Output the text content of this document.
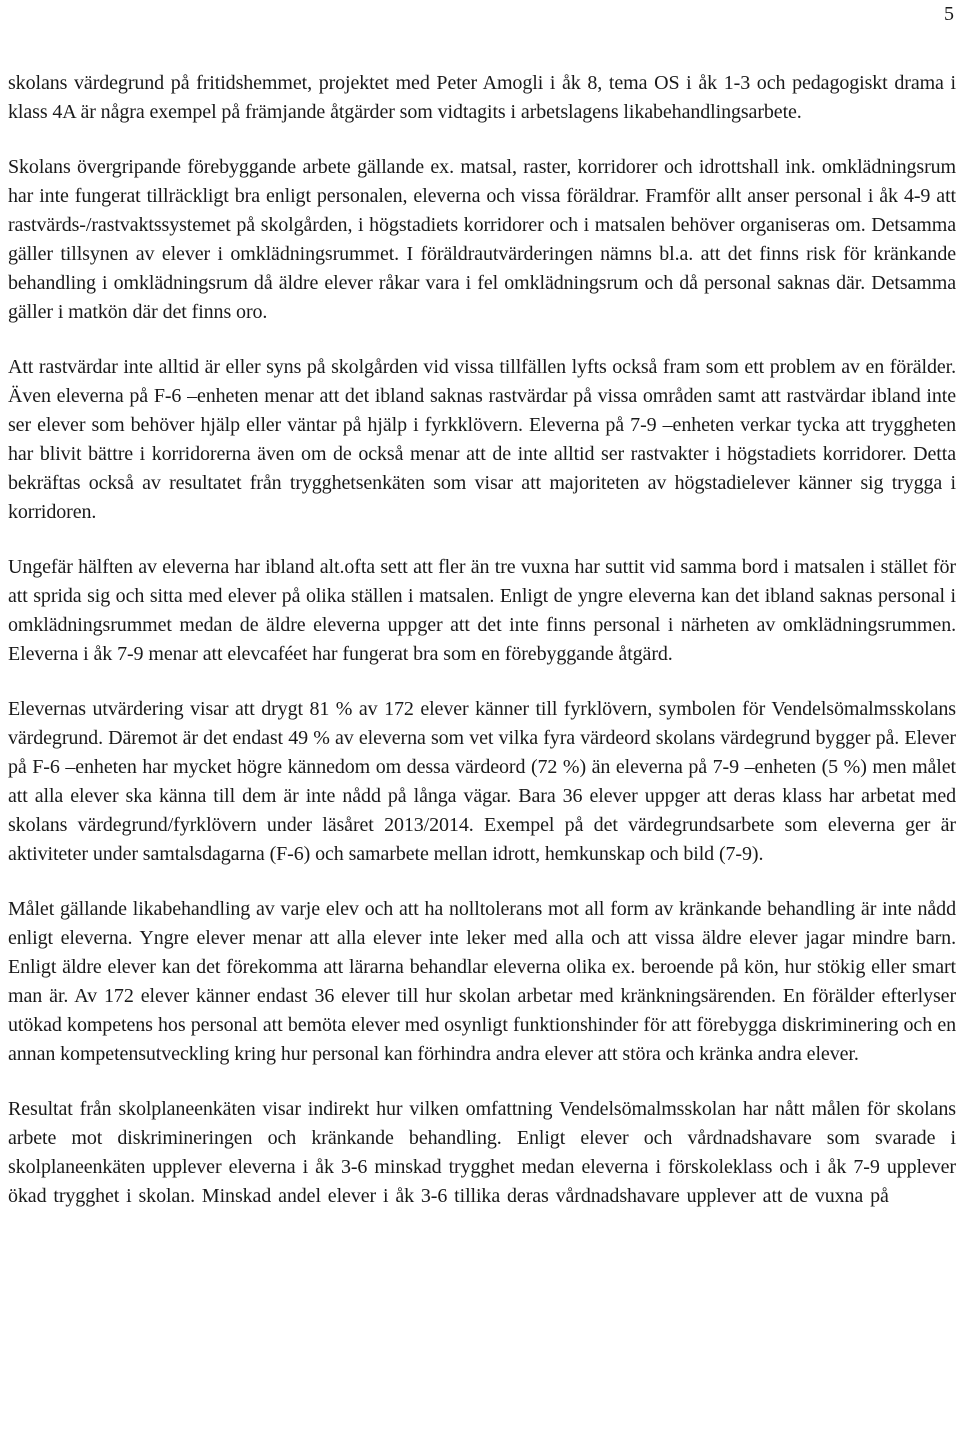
5

skolans värdegrund på fritidshemmet, projektet med Peter Amogli i åk 8, tema OS i åk 1-3 och pedagogiskt drama i klass 4A är några exempel på främjande åtgärder som vidtagits i arbetslagens likabehandlingsarbete.

Skolans övergripande förebyggande arbete gällande ex. matsal, raster, korridorer och idrottshall ink. omklädningsrum har inte fungerat tillräckligt bra enligt personalen, eleverna och vissa föräldrar. Framför allt anser personal i åk 4-9 att rastvärds-/rastvaktssystemet på skolgården, i högstadiets korridorer och i matsalen behöver organiseras om. Detsamma gäller tillsynen av elever i omklädningsrummet. I föräldrautvärderingen nämns bl.a. att det finns risk för kränkande behandling i omklädningsrum då äldre elever råkar vara i fel omklädningsrum och då personal saknas där. Detsamma gäller i matkön där det finns oro.

Att rastvärdar inte alltid är eller syns på skolgården vid vissa tillfällen lyfts också fram som ett problem av en förälder. Även eleverna på F-6 –enheten menar att det ibland saknas rastvärdar på vissa områden samt att rastvärdar ibland inte ser elever som behöver hjälp eller väntar på hjälp i fyrkklövern. Eleverna på 7-9 –enheten verkar tycka att tryggheten har blivit bättre i korridorerna även om de också menar att de inte alltid ser rastvakter i högstadiets korridorer. Detta bekräftas också av resultatet från trygghetsenkäten som visar att majoriteten av högstadielever känner sig trygga i korridoren.

Ungefär hälften av eleverna har ibland alt.ofta sett att fler än tre vuxna har suttit vid samma bord i matsalen i stället för att sprida sig och sitta med elever på olika ställen i matsalen. Enligt de yngre eleverna kan det ibland saknas personal i omklädningsrummet medan de äldre eleverna uppger att det inte finns personal i närheten av omklädningsrummen. Eleverna i åk 7-9 menar att elevcaféet har fungerat bra som en förebyggande åtgärd.

Elevernas utvärdering visar att drygt 81 % av 172 elever känner till fyrklövern, symbolen för Vendelsömalmsskolans värdegrund. Däremot är det endast 49 % av eleverna som vet vilka fyra värdeord skolans värdegrund bygger på. Elever på F-6 –enheten har mycket högre kännedom om dessa värdeord (72 %) än eleverna på 7-9 –enheten (5 %) men målet att alla elever ska känna till dem är inte nådd på långa vägar. Bara 36 elever uppger att deras klass har arbetat med skolans värdegrund/fyrklövern under läsåret 2013/2014. Exempel på det värdegrundsarbete som eleverna ger är aktiviteter under samtalsdagarna (F-6) och samarbete mellan idrott, hemkunskap och bild (7-9).

Målet gällande likabehandling av varje elev och att ha nolltolerans mot all form av kränkande behandling är inte nådd enligt eleverna. Yngre elever menar att alla elever inte leker med alla och att vissa äldre elever jagar mindre barn. Enligt äldre elever kan det förekomma att lärarna behandlar eleverna olika ex. beroende på kön, hur stökig eller smart man är. Av 172 elever känner endast 36 elever till hur skolan arbetar med kränkningsärenden. En förälder efterlyser utökad kompetens hos personal att bemöta elever med osynligt funktionshinder för att förebygga diskriminering och en annan kompetensutveckling kring hur personal kan förhindra andra elever att störa och kränka andra elever.

Resultat från skolplaneenkäten visar indirekt hur vilken omfattning Vendelsömalmsskolan har nått målen för skolans arbete mot diskrimineringen och kränkande behandling. Enligt elever och vårdnadshavare som svarade i skolplaneenkäten upplever eleverna i åk 3-6 minskad trygghet medan eleverna i förskoleklass och i åk 7-9 upplever ökad trygghet i skolan. Minskad andel elever i åk 3-6 tillika deras vårdnadshavare upplever att de vuxna på
